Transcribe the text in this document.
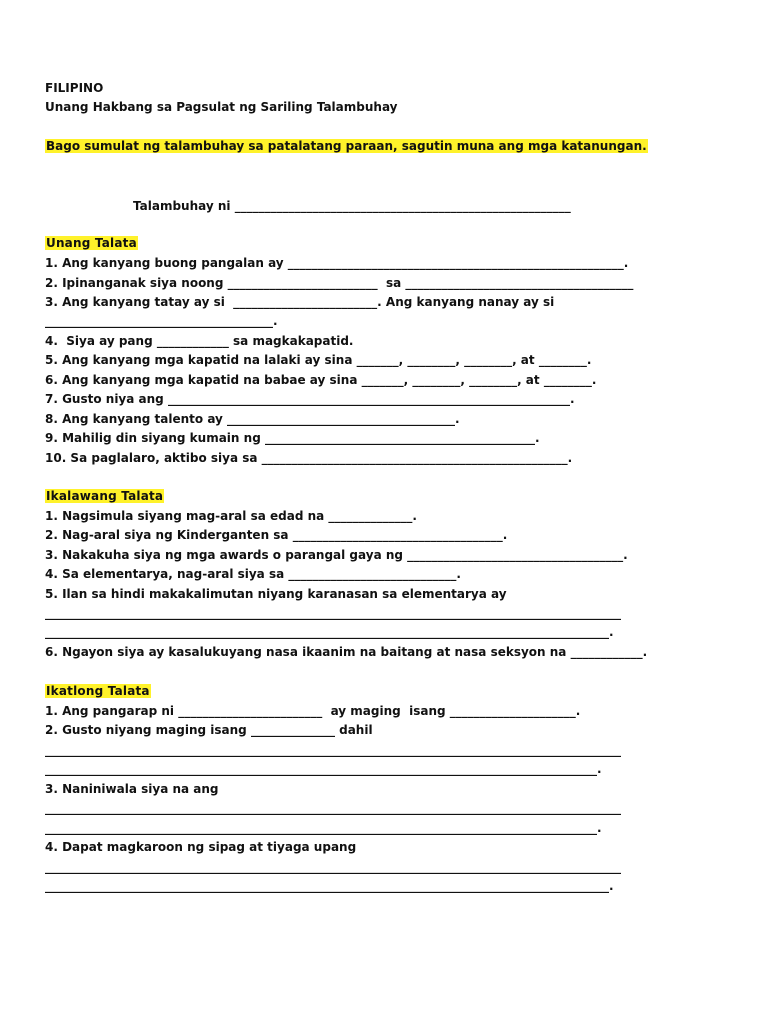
FILIPINO
Unang Hakbang sa Pagsulat ng Sariling Talambuhay
Bago sumulat ng talambuhay sa patalatang paraan, sagutin muna ang mga katanungan.
Talambuhay ni ________________________________________________________
Unang Talata
1. Ang kanyang buong pangalan ay ________________________________________________________.
2. Ipinanganak siya noong _________________________  sa ______________________________________
3. Ang kanyang tatay ay si  ________________________. Ang kanyang nanay ay si
______________________________________.
4.  Siya ay pang ____________ sa magkakapatid.
5. Ang kanyang mga kapatid na lalaki ay sina _______, ________, ________, at ________.
6. Ang kanyang mga kapatid na babae ay sina _______, ________, ________, at ________.
7. Gusto niya ang ___________________________________________________________________.
8. Ang kanyang talento ay ______________________________________.
9. Mahilig din siyang kumain ng _____________________________________________.
10. Sa paglalaro, aktibo siya sa ___________________________________________________.
Ikalawang Talata
1. Nagsimula siyang mag-aral sa edad na ______________.
2. Nag-aral siya ng Kinderganten sa ___________________________________.
3. Nakakuha siya ng mga awards o parangal gaya ng ____________________________________.
4. Sa elementarya, nag-aral siya sa ____________________________.
5. Ilan sa hindi makakalimutan niyang karanasan sa elementarya ay
________________________________________________________________________________________________
______________________________________________________________________________________________.
6. Ngayon siya ay kasalukuyang nasa ikaanim na baitang at nasa seksyon na ____________.
Ikatlong Talata
1. Ang pangarap ni ________________________  ay maging  isang _____________________.
2. Gusto niyang maging isang ______________ dahil
________________________________________________________________________________________________
____________________________________________________________________________________________.
3. Naniniwala siya na ang
________________________________________________________________________________________________
____________________________________________________________________________________________.
4. Dapat magkaroon ng sipag at tiyaga upang
________________________________________________________________________________________________
______________________________________________________________________________________________.
